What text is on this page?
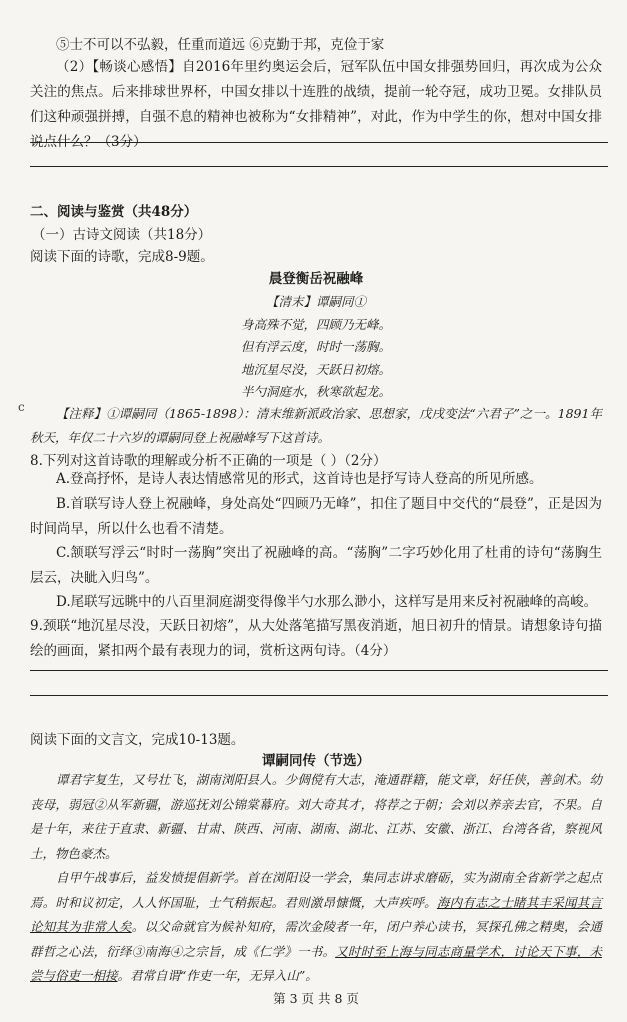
⑤士不可以不弘毅，任重而道远 ⑥克勤于邦，克俭于家
（2）【畅谈心感悟】自2016年里约奥运会后，冠军队伍中国女排强势回归，再次成为公众关注的焦点。后来排球世界杯，中国女排以十连胜的战绩，提前一轮夺冠，成功卫冕。女排队员们这种顽强拼搏，自强不息的精神也被称为“女排精神”，对此，作为中学生的你，想对中国女排说点什么？（3分）
二、阅读与鉴赏（共48分）
（一）古诗文阅读（共18分）
阅读下面的诗歌，完成8-9题。
晨登衡岳祝融峰
【清末】谭嗣同①
身高殊不觉，四顾乃无峰。
但有浮云度，时时一荡胸。
地沉星尽没，天跃日初熔。
半勺洞庭水，秋寒欲起龙。
c	【注释】①谭嗣同（1865-1898）：清末维新派政治家、思想家，戊戌变法“六君子”之一。1891年秋天，年仅二十六岁的谭嗣同登上祝融峰写下这首诗。
8.下列对这首诗歌的理解或分析不正确的一项是（ ）（2分）
A.登高抒怀，是诗人表达情感常见的形式，这首诗也是抒写诗人登高的所见所感。
B.首联写诗人登上祝融峰，身处高处“四顾乃无峰”，扣住了题目中交代的“晨登”，正是因为时间尚早，所以什么也看不清楚。
C.颔联写浮云“时时一荡胸”突出了祝融峰的高。“荡胸”二字巧妙化用了杜甫的诗句“荡胸生层云，决眦入归鸟”。
D.尾联写远眺中的八百里洞庭湖变得像半勺水那么渺小，这样写是用来反衬祝融峰的高峻。
9.颈联“地沉星尽没，天跃日初熔”，从大处落笔描写黑夜消逝，旭日初升的情景。请想象诗句描绘的画面，紧扣两个最有表现力的词，赏析这两句诗。（4分）
阅读下面的文言文，完成10-13题。
谭嗣同传（节选）
谭君字复生，又号壮飞，湖南浏阳县人。少倜傥有大志，淹通群籍，能文章，好任侠，善剑术。幼丧母，弱冠②从军新疆，游巡抚刘公锦棠幕府。刘大奇其才，将荐之于朝；会刘以养亲去官，不果。自是十年，来往于直隶、新疆、甘肃、陕西、河南、湖南、湖北、江苏、安徽、浙江、台湾各省，察视风土，物色豪杰。
自甲午战事后，益发愤提倡新学。首在浏阳设一学会，集同志讲求磨砺，实为湖南全省新学之起点焉。时和议初定，人人怀国耻，士气稍振起。君则激昂慷慨，大声疾呼。海内有志之士睹其丰采闻其言论知其为非常人矣。以父命就官为候补知府，需次金陵者一年，闭户养心读书，冥探孔佛之精奥，会通群哲之心法，衍绎③南海④之宗旨，成《仁学》一书。又时时至上海与同志商量学术，讨论天下事，未尝与俗吏一相接。君常自谓“作吏一年，无异入山”。
第 3 页 共 8 页
